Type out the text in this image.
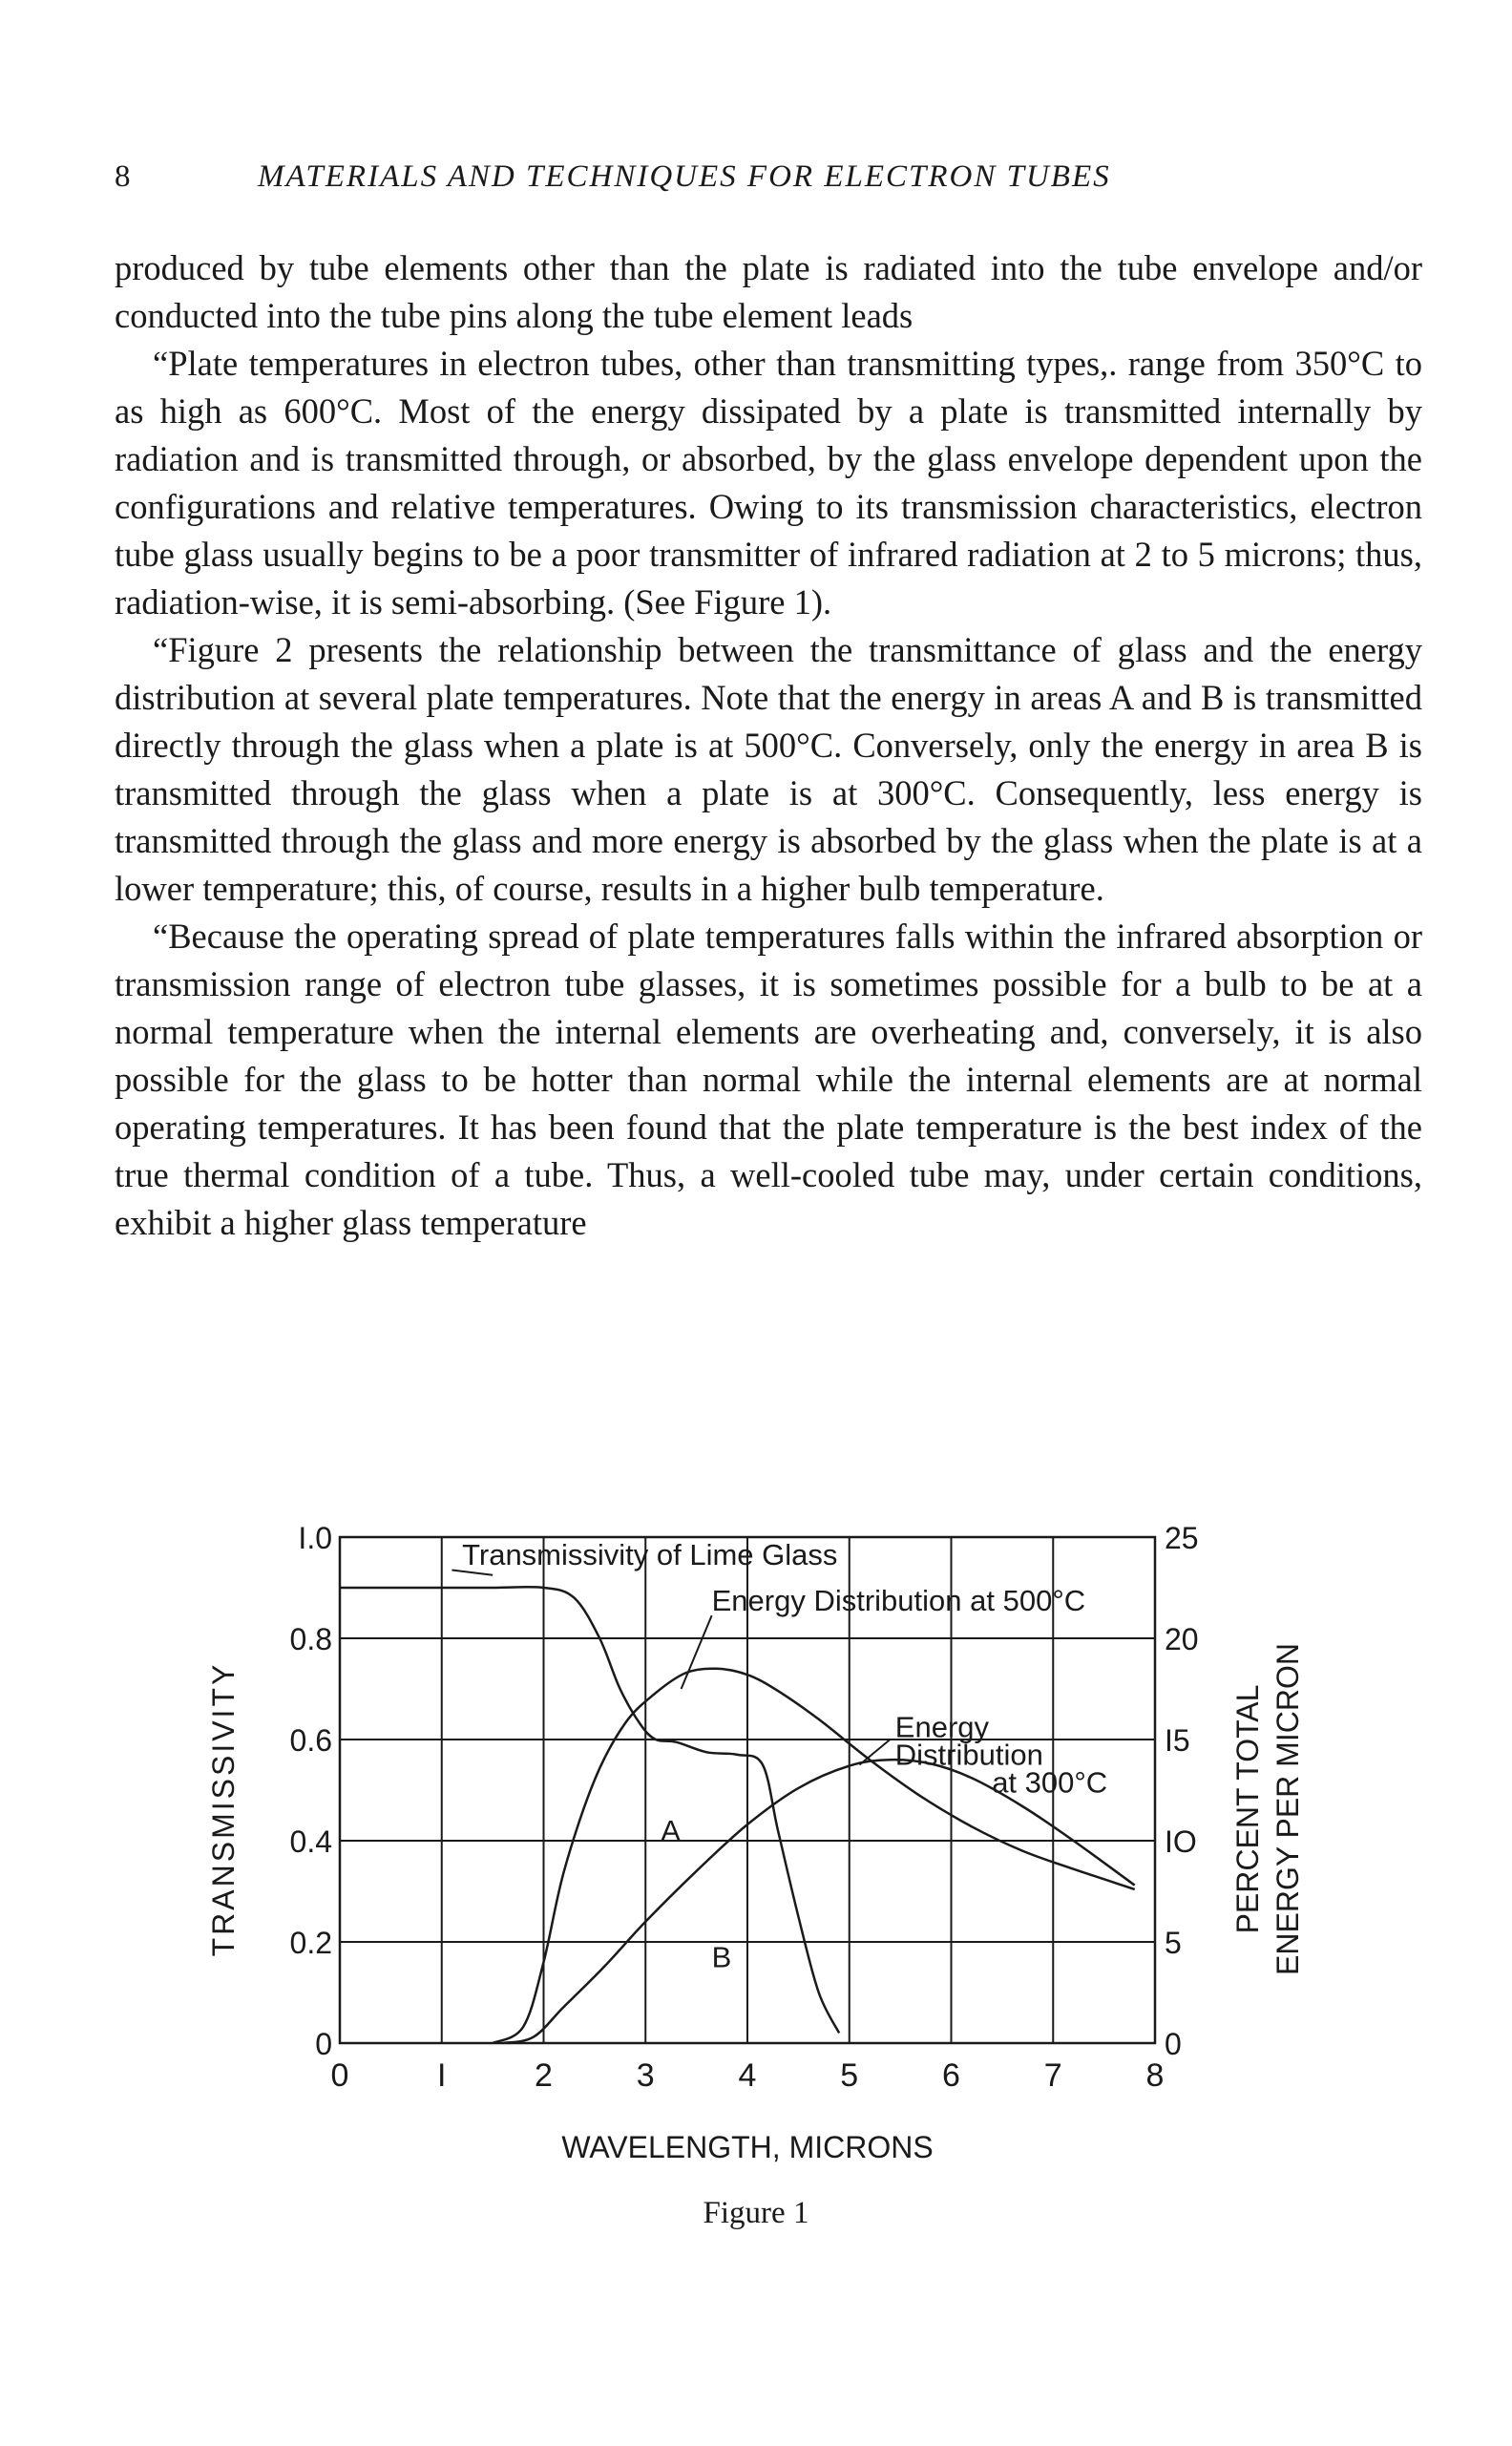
8	MATERIALS AND TECHNIQUES FOR ELECTRON TUBES

produced by tube elements other than the plate is radiated into the tube envelope and/or conducted into the tube pins along the tube element leads

“Plate temperatures in electron tubes, other than transmitting types,. range from 350°C to as high as 600°C. Most of the energy dissipated by a plate is transmitted internally by radiation and is transmitted through, or absorbed, by the glass envelope dependent upon the configurations and relative temperatures. Owing to its transmission characteristics, electron tube glass usually begins to be a poor transmitter of infrared radiation at 2 to 5 microns; thus, radiation-wise, it is semi-absorbing. (See Figure 1).

“Figure 2 presents the relationship between the transmittance of glass and the energy distribution at several plate temperatures. Note that the energy in areas A and B is transmitted directly through the glass when a plate is at 500°C. Conversely, only the energy in area B is transmitted through the glass when a plate is at 300°C. Consequently, less energy is transmitted through the glass and more energy is absorbed by the glass when the plate is at a lower temperature; this, of course, results in a higher bulb temperature.

“Because the operating spread of plate temperatures falls within the infrared absorption or transmission range of electron tube glasses, it is sometimes possible for a bulb to be at a normal temperature when the internal elements are overheating and, conversely, it is also possible for the glass to be hotter than normal while the internal elements are at normal operating temperatures. It has been found that the plate temperature is the best index of the true thermal condition of a tube. Thus, a well-cooled tube may, under certain conditions, exhibit a higher glass temperature

0	I	2	3	4	5	6	7	8
0
0.2
0.4
0.6
0.8
I.0
0
5
IO
I5
20
25
WAVELENGTH, MICRONS
TRANSMISSIVITY	PERCENT TOTAL ENERGY PER MICRON
Transmissivity of Lime Glass
Energy Distribution at 500°C
Energy
Distribution
at 300°C
A
B
Figure 1
